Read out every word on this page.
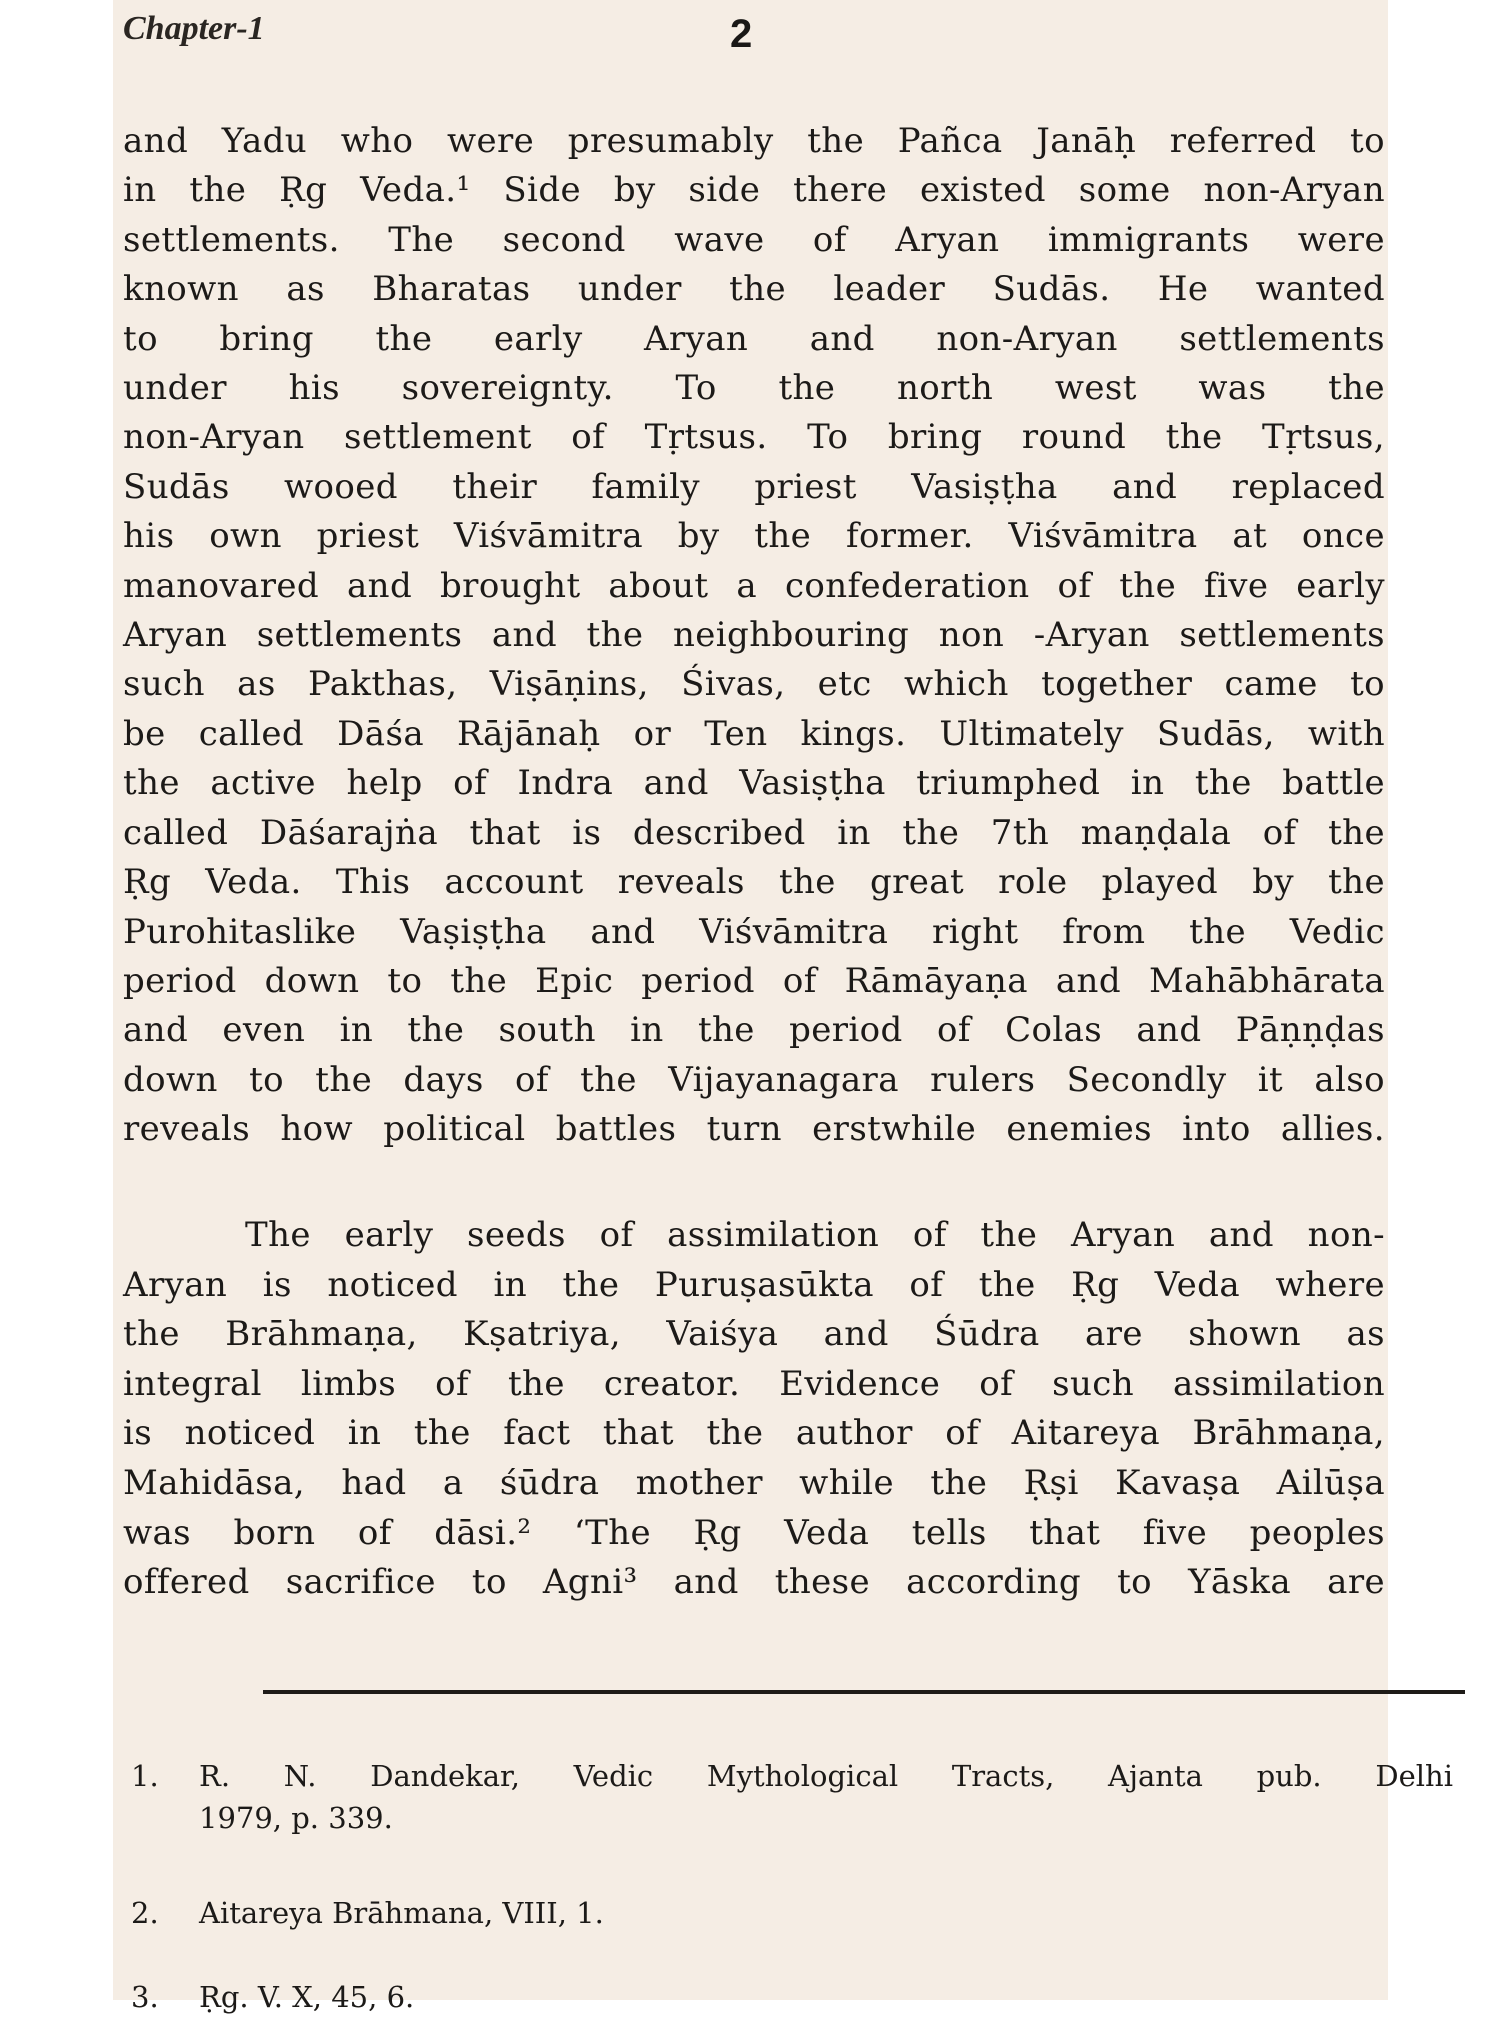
Chapter-1	2
and Yadu who were presumably the Pañca Janāḥ referred to
in the Ṛg Veda.¹ Side by side there existed some non-Aryan
settlements. The second wave of Aryan immigrants were
known as Bharatas under the leader Sudās. He wanted
to bring the early Aryan and non-Aryan settlements
under his sovereignty. To the north west was the
non-Aryan settlement of Tṛtsus. To bring round the Tṛtsus,
Sudās wooed their family priest Vasiṣṭha and replaced
his own priest Viśvāmitra by the former. Viśvāmitra at once
manovared and brought about a confederation of the five early
Aryan settlements and the neighbouring non -Aryan settlements
such as Pakthas, Viṣāṇins, Śivas, etc which together came to
be called Dāśa Rājānaḥ or Ten kings. Ultimately Sudās, with
the active help of Indra and Vasiṣṭha triumphed in the battle
called Dāśarajṅa that is described in the 7th maṇḍala of the
Ṛg Veda. This account reveals the great role played by the
Purohitaslike Vaṣiṣṭha and Viśvāmitra right from the Vedic
period down to the Epic period of Rāmāyaṇa and Mahābhārata
and even in the south in the period of Colas and Pāṇṇḍas
down to the days of the Vijayanagara rulers Secondly it also
reveals how political battles turn erstwhile enemies into allies.
The early seeds of assimilation of the Aryan and non-
Aryan is noticed in the Puruṣasūkta of the Ṛg Veda where
the Brāhmaṇa, Kṣatriya, Vaiśya and Śūdra are shown as
integral limbs of the creator. Evidence of such assimilation
is noticed in the fact that the author of Aitareya Brāhmaṇa,
Mahidāsa, had a śūdra mother while the Ṛṣi Kavaṣa Ailūṣa
was born of dāsi.² ‘The Ṛg Veda tells that five peoples
offered sacrifice to Agni³ and these according to Yāska are
1. R. N. Dandekar, Vedic Mythological Tracts, Ajanta pub. Delhi
1979, p. 339.
2. Aitareya Brāhmana, VIII, 1.
3. Ṛg. V. X, 45, 6.
